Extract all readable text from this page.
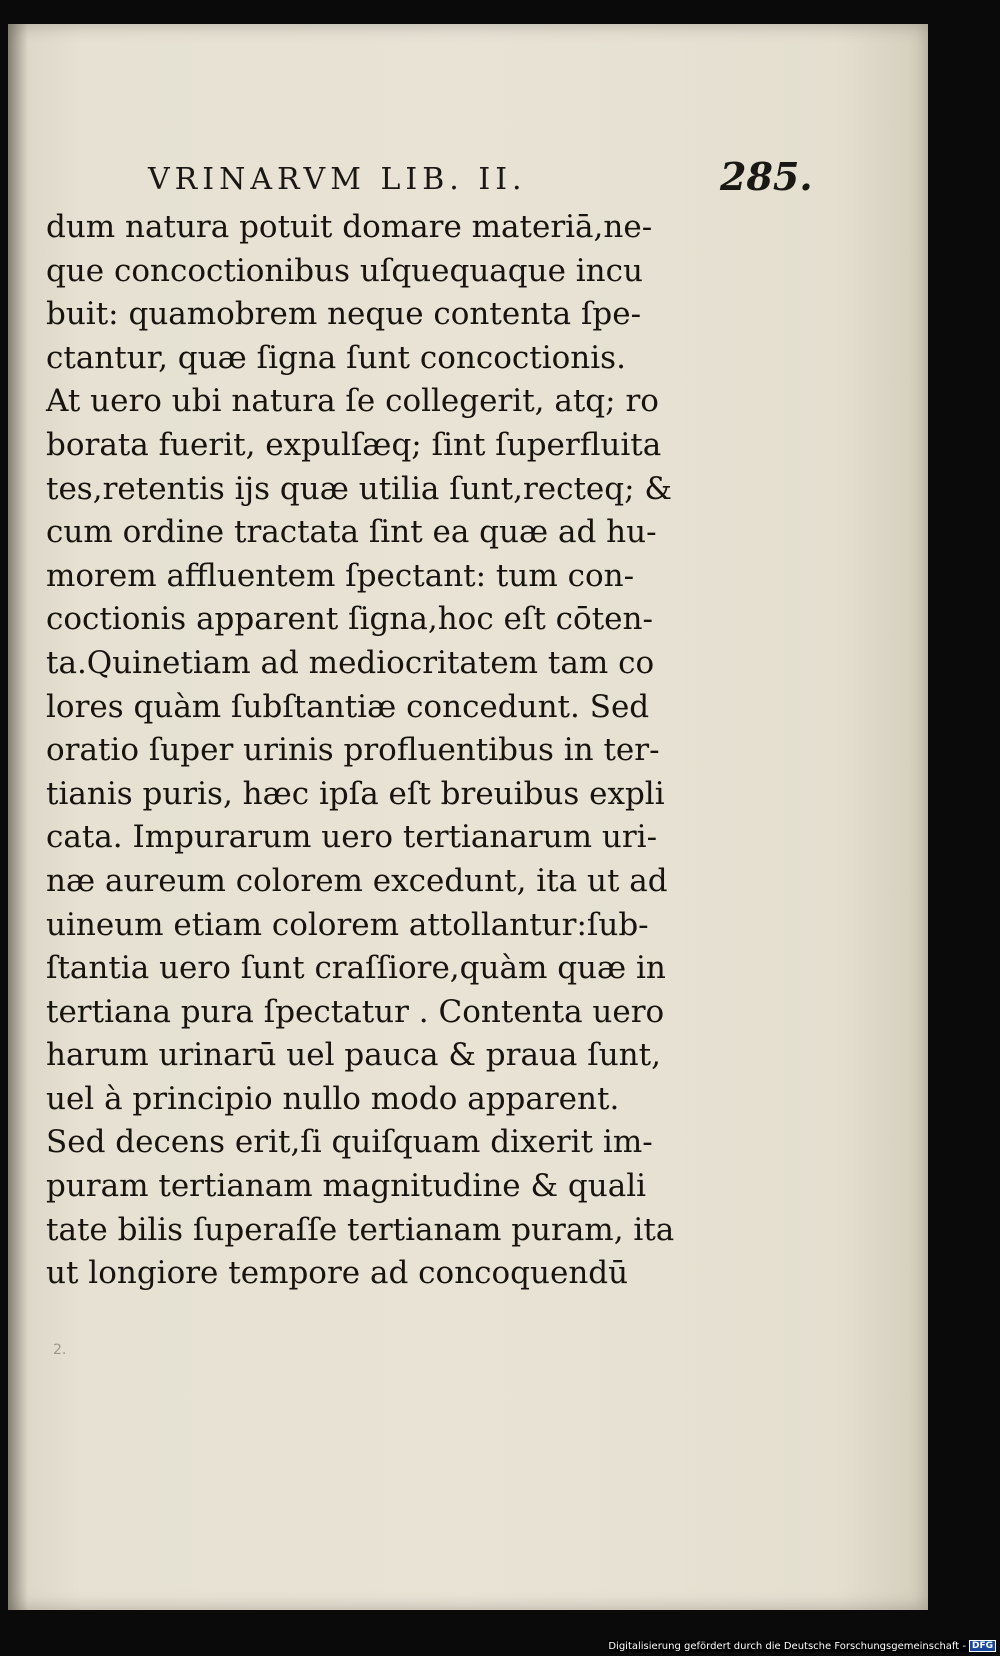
VRINARVM LIB. II.	285.
dum natura potuit domare materiā,ne-
que concoctionibus uſquequaque incu
buit: quamobrem neque contenta ſpe-
ctantur, quæ ſigna ſunt concoctionis.
At uero ubi natura ſe collegerit, atq; ro
borata fuerit, expulſæq; ſint ſuperfluita
tes,retentis ijs quæ utilia ſunt,recteq; &
cum ordine tractata ſint ea quæ ad hu-
morem affluentem ſpectant: tum con-
coctionis apparent ſigna,hoc eſt cōten-
ta.Quinetiam ad mediocritatem tam co
lores quàm ſubſtantiæ concedunt. Sed
oratio ſuper urinis profluentibus in ter-
tianis puris, hæc ipſa eſt breuibus expli
cata. Impurarum uero tertianarum uri-
næ aureum colorem excedunt, ita ut ad
uineum etiam colorem attollantur:ſub-
ſtantia uero ſunt craſſiore,quàm quæ in
tertiana pura ſpectatur . Contenta uero
harum urinarū uel pauca & praua ſunt,
uel à principio nullo modo apparent.
Sed decens erit,ſi quiſquam dixerit im-
puram tertianam magnitudine & quali
tate bilis ſuperaſſe tertianam puram, ita
ut longiore tempore ad concoquendū
2.
Digitalisierung gefördert durch die Deutsche Forschungsgemeinschaft - DFG
